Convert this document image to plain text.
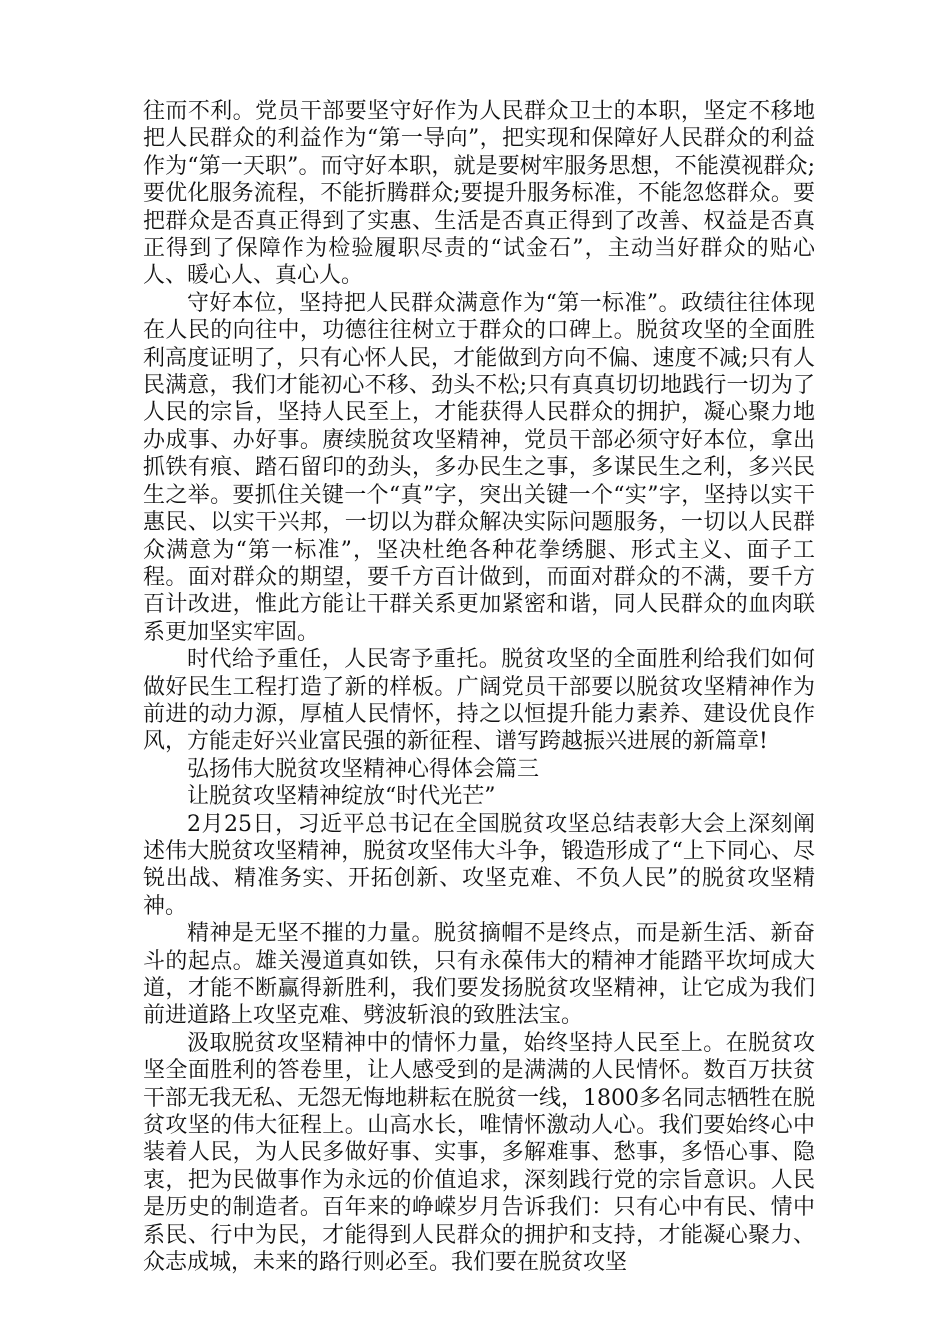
往而不利。党员干部要坚守好作为人民群众卫士的本职，坚定不移地把人民群众的利益作为“第一导向”，把实现和保障好人民群众的利益作为“第一天职”。而守好本职，就是要树牢服务思想，不能漠视群众;要优化服务流程，不能折腾群众;要提升服务标准，不能忽悠群众。要把群众是否真正得到了实惠、生活是否真正得到了改善、权益是否真正得到了保障作为检验履职尽责的“试金石”，主动当好群众的贴心人、暖心人、真心人。

守好本位，坚持把人民群众满意作为“第一标准”。政绩往往体现在人民的向往中，功德往往树立于群众的口碑上。脱贫攻坚的全面胜利高度证明了，只有心怀人民，才能做到方向不偏、速度不减;只有人民满意，我们才能初心不移、劲头不松;只有真真切切地践行一切为了人民的宗旨，坚持人民至上，才能获得人民群众的拥护，凝心聚力地办成事、办好事。赓续脱贫攻坚精神，党员干部必须守好本位，拿出抓铁有痕、踏石留印的劲头，多办民生之事，多谋民生之利，多兴民生之举。要抓住关键一个“真”字，突出关键一个“实”字，坚持以实干惠民、以实干兴邦，一切以为群众解决实际问题服务，一切以人民群众满意为“第一标准”，坚决杜绝各种花拳绣腿、形式主义、面子工程。面对群众的期望，要千方百计做到，而面对群众的不满，要千方百计改进，惟此方能让干群关系更加紧密和谐，同人民群众的血肉联系更加坚实牢固。

时代给予重任，人民寄予重托。脱贫攻坚的全面胜利给我们如何做好民生工程打造了新的样板。广阔党员干部要以脱贫攻坚精神作为前进的动力源，厚植人民情怀，持之以恒提升能力素养、建设优良作风，方能走好兴业富民强的新征程、谱写跨越振兴进展的新篇章!

弘扬伟大脱贫攻坚精神心得体会篇三

让脱贫攻坚精神绽放“时代光芒”

2月25日，习近平总书记在全国脱贫攻坚总结表彰大会上深刻阐述伟大脱贫攻坚精神，脱贫攻坚伟大斗争，锻造形成了“上下同心、尽锐出战、精准务实、开拓创新、攻坚克难、不负人民”的脱贫攻坚精神。

精神是无坚不摧的力量。脱贫摘帽不是终点，而是新生活、新奋斗的起点。雄关漫道真如铁，只有永葆伟大的精神才能踏平坎坷成大道，才能不断赢得新胜利，我们要发扬脱贫攻坚精神，让它成为我们前进道路上攻坚克难、劈波斩浪的致胜法宝。

汲取脱贫攻坚精神中的情怀力量，始终坚持人民至上。在脱贫攻坚全面胜利的答卷里，让人感受到的是满满的人民情怀。数百万扶贫干部无我无私、无怨无悔地耕耘在脱贫一线，1800多名同志牺牲在脱贫攻坚的伟大征程上。山高水长，唯情怀激动人心。我们要始终心中装着人民，为人民多做好事、实事，多解难事、愁事，多悟心事、隐衷，把为民做事作为永远的价值追求，深刻践行党的宗旨意识。人民是历史的制造者。百年来的峥嵘岁月告诉我们：只有心中有民、情中系民、行中为民，才能得到人民群众的拥护和支持，才能凝心聚力、众志成城，未来的路行则必至。我们要在脱贫攻坚
